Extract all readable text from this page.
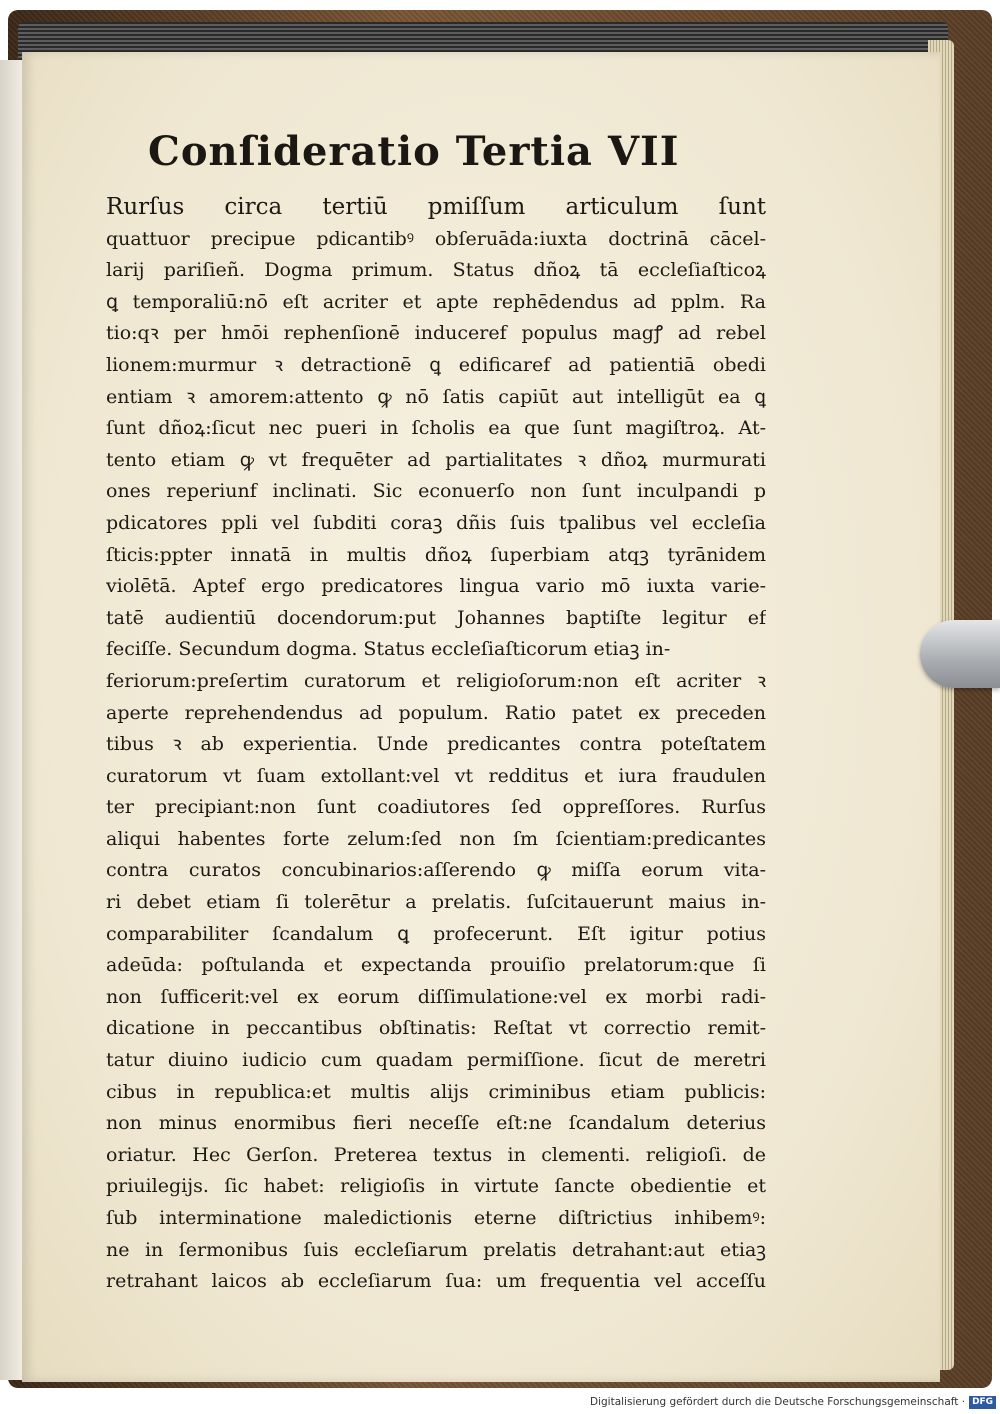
Conſideratio Tertia VII
Rurſus circa tertiū pmiſſum articulum ſunt
quattuor precipue pdicantibꝰ obſeruāda:iuxta doctrinā cācel-
larij pariſieñ. Dogma primum. Status dñoꝝ tā eccleſiaſticoꝝ
ꝗ temporaliū:nō eſt acriter et apte rephēdendus ad pplm. Ra
tio:qꝛ per hmōi rephenſionē induceref populus magꝭ ad rebel
lionem:murmur ꝛ detractionē ꝗ edificaref ad patientiā obedi
entiam ꝛ amorem:attento ꝙ nō ſatis capiūt aut intelligūt ea ꝗ
ſunt dñoꝝ:ſicut nec pueri in ſcholis ea que ſunt magiſtroꝝ. At-
tento etiam ꝙ vt frequēter ad partialitates ꝛ dñoꝝ murmurati
ones reperiunf inclinati. Sic econuerſo non ſunt inculpandi p
pdicatores ppli vel ſubditi coraꝫ dñis ſuis tpalibus vel eccleſia
ſticis:ppter innatā in multis dñoꝝ ſuperbiam atqꝫ tyrānidem
violētā. Aptef ergo predicatores lingua vario mō iuxta varie-
tatē audientiū docendorum:put Johannes baptiſte legitur ef
feciſſe. Secundum dogma. Status eccleſiaſticorum etiaꝫ in-
feriorum:preſertim curatorum et religioſorum:non eſt acriter ꝛ
aperte reprehendendus ad populum. Ratio patet ex preceden
tibus ꝛ ab experientia. Unde predicantes contra poteſtatem
curatorum vt ſuam extollant:vel vt redditus et iura fraudulen
ter precipiant:non ſunt coadiutores ſed oppreſſores. Rurſus
aliqui habentes forte zelum:ſed non ſm ſcientiam:predicantes
contra curatos concubinarios:aſſerendo ꝙ miſſa eorum vita-
ri debet etiam ſi tolerētur a prelatis. ſuſcitauerunt maius in-
comparabiliter ſcandalum ꝗ profecerunt. Eſt igitur potius
adeūda: poſtulanda et expectanda prouiſio prelatorum:que ſi
non ſufficerit:vel ex eorum diſſimulatione:vel ex morbi radi-
dicatione in peccantibus obſtinatis: Reſtat vt correctio remit-
tatur diuino iudicio cum quadam permiſſione. ſicut de meretri
cibus in republica:et multis alijs criminibus etiam publicis:
non minus enormibus fieri neceſſe eſt:ne ſcandalum deterius
oriatur. Hec Gerſon. Preterea textus in clementi. religioſi. de
priuilegijs. ſic habet: religioſis in virtute ſancte obedientie et
ſub interminatione maledictionis eterne diſtrictius inhibemꝰ:
ne in ſermonibus ſuis eccleſiarum prelatis detrahant:aut etiaꝫ
retrahant laicos ab eccleſiarum ſua: um frequentia vel acceſſu
Digitalisierung gefördert durch die Deutsche Forschungsgemeinschaft · DFG
